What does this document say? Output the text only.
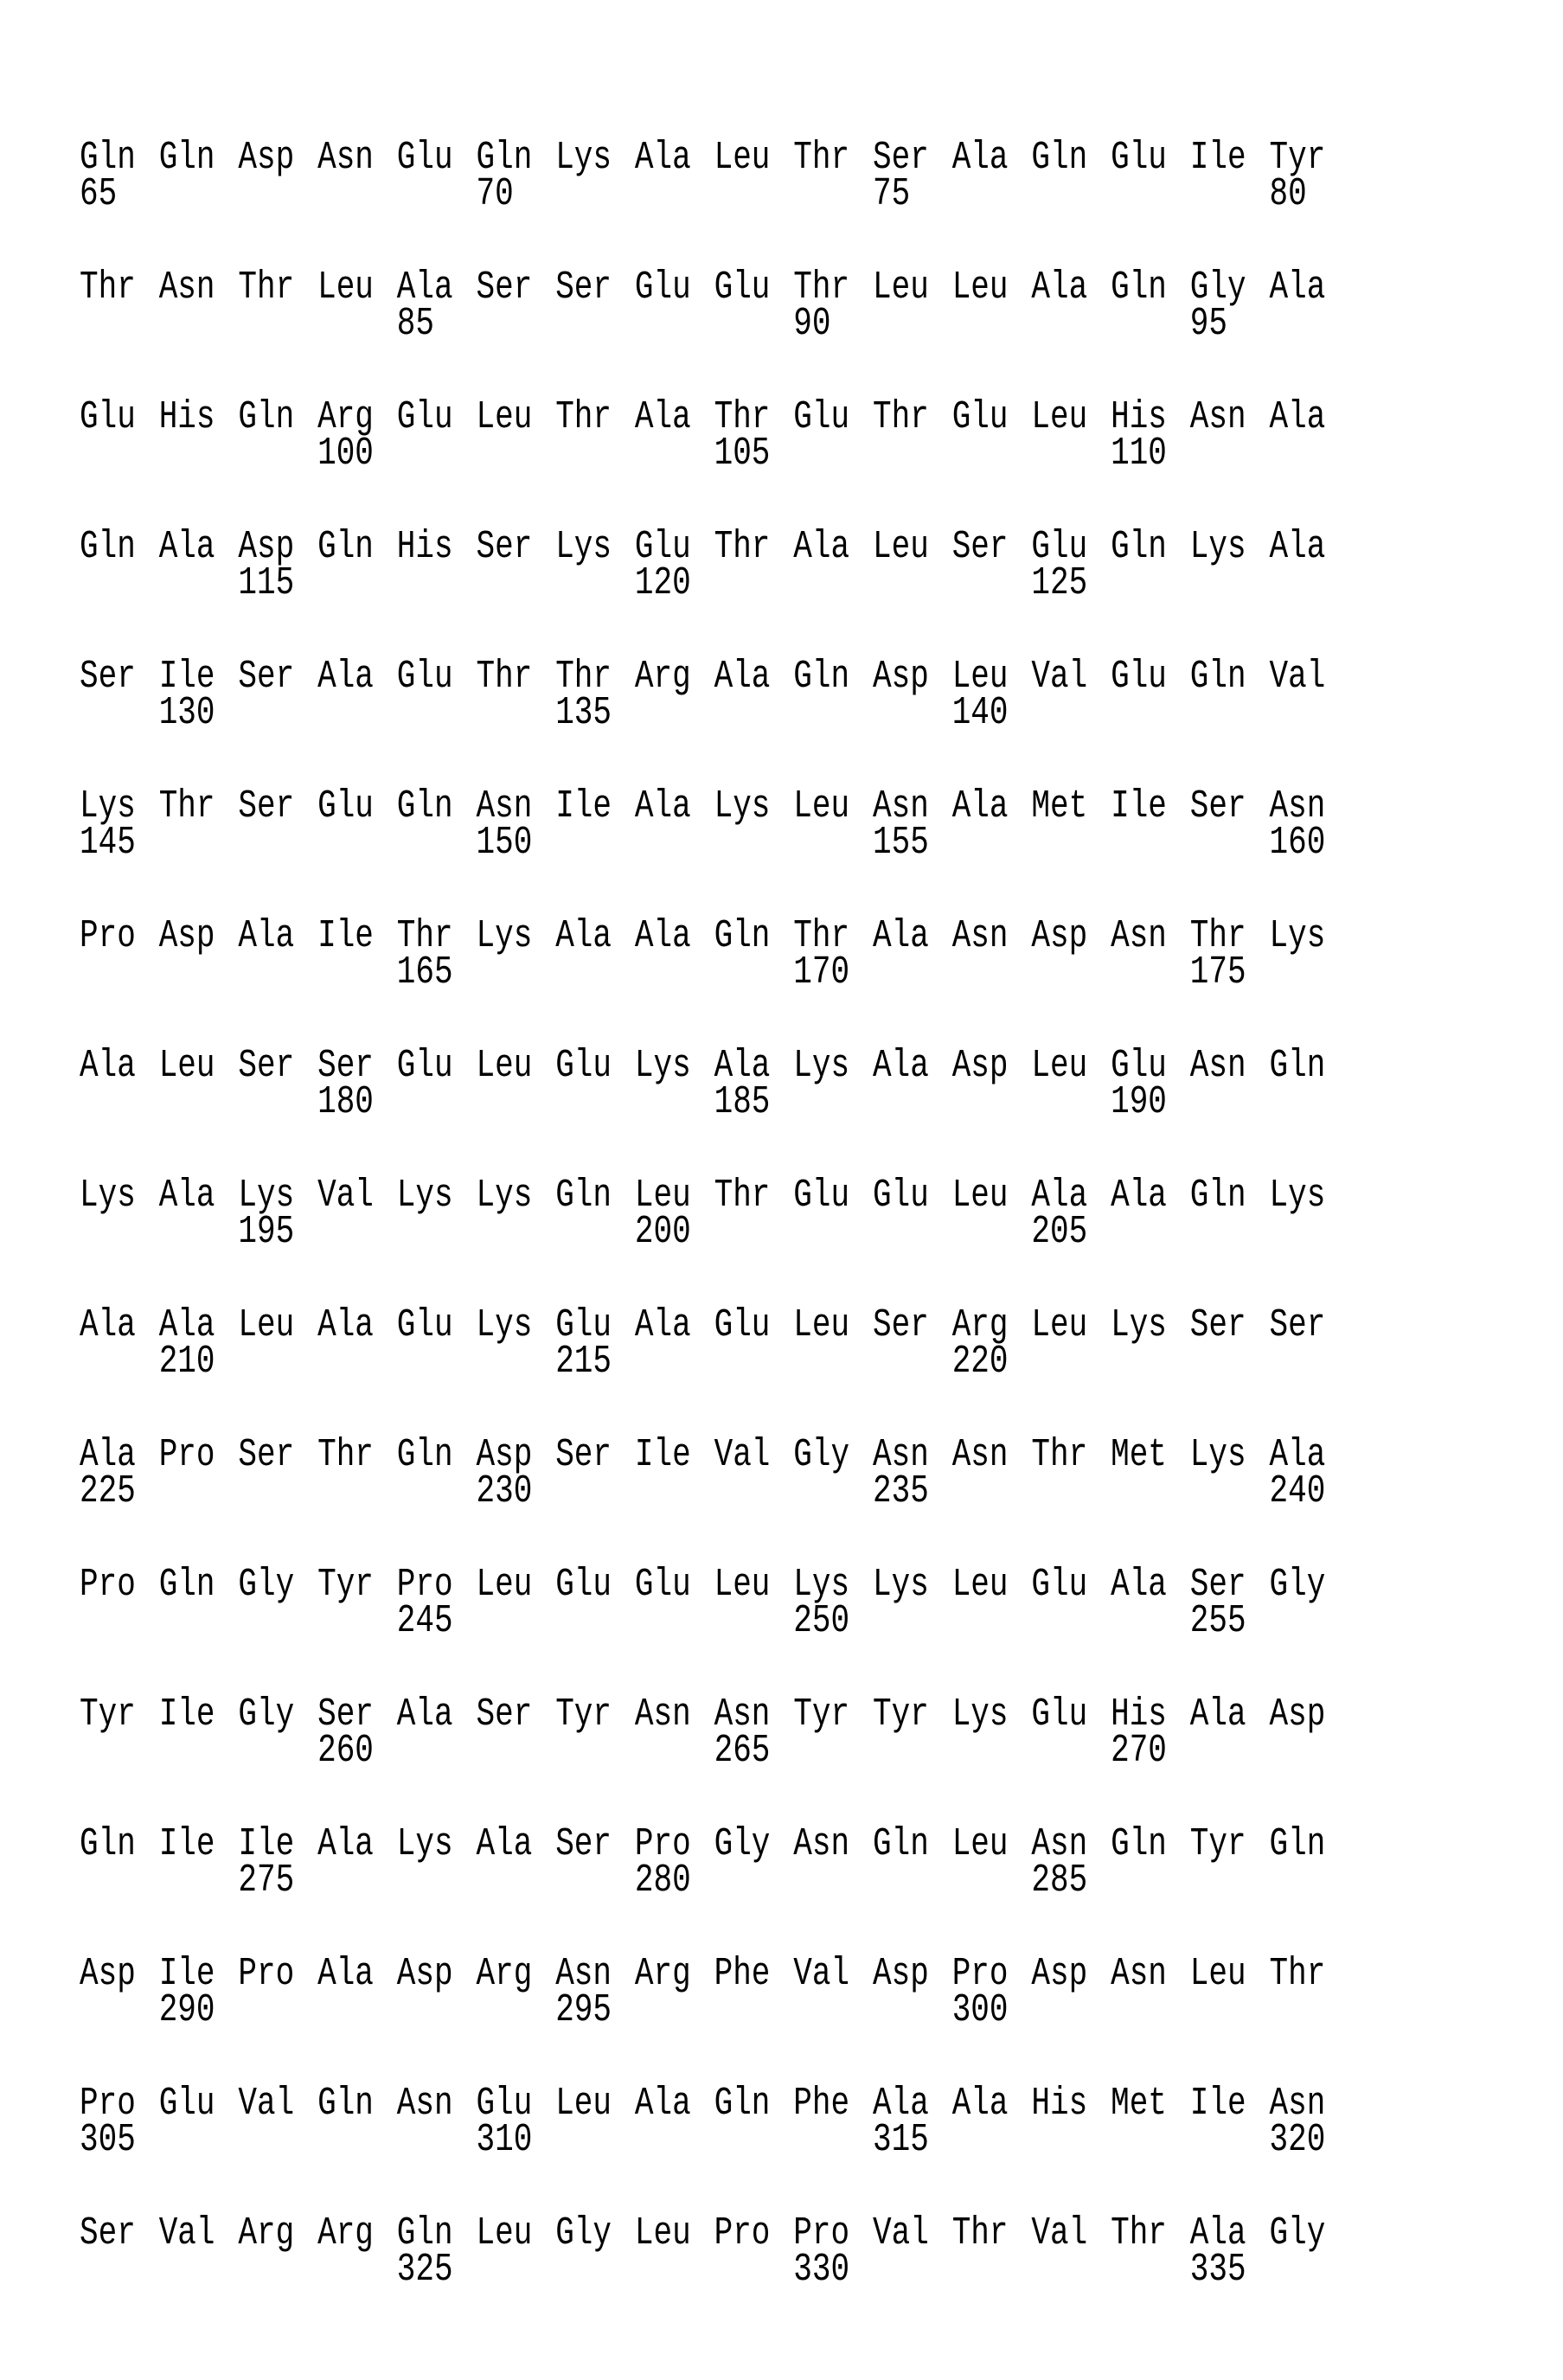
Gln Gln Asp Asn Glu Gln Lys Ala Leu Thr Ser Ala Gln Glu Ile Tyr
65	70	75	80
Thr Asn Thr Leu Ala Ser Ser Glu Glu Thr Leu Leu Ala Gln Gly Ala
85	90	95
Glu His Gln Arg Glu Leu Thr Ala Thr Glu Thr Glu Leu His Asn Ala
100	105	110
Gln Ala Asp Gln His Ser Lys Glu Thr Ala Leu Ser Glu Gln Lys Ala
115	120	125
Ser Ile Ser Ala Glu Thr Thr Arg Ala Gln Asp Leu Val Glu Gln Val
130	135	140
Lys Thr Ser Glu Gln Asn Ile Ala Lys Leu Asn Ala Met Ile Ser Asn
145	150	155	160
Pro Asp Ala Ile Thr Lys Ala Ala Gln Thr Ala Asn Asp Asn Thr Lys
165	170	175
Ala Leu Ser Ser Glu Leu Glu Lys Ala Lys Ala Asp Leu Glu Asn Gln
180	185	190
Lys Ala Lys Val Lys Lys Gln Leu Thr Glu Glu Leu Ala Ala Gln Lys
195	200	205
Ala Ala Leu Ala Glu Lys Glu Ala Glu Leu Ser Arg Leu Lys Ser Ser
210	215	220
Ala Pro Ser Thr Gln Asp Ser Ile Val Gly Asn Asn Thr Met Lys Ala
225	230	235	240
Pro Gln Gly Tyr Pro Leu Glu Glu Leu Lys Lys Leu Glu Ala Ser Gly
245	250	255
Tyr Ile Gly Ser Ala Ser Tyr Asn Asn Tyr Tyr Lys Glu His Ala Asp
260	265	270
Gln Ile Ile Ala Lys Ala Ser Pro Gly Asn Gln Leu Asn Gln Tyr Gln
275	280	285
Asp Ile Pro Ala Asp Arg Asn Arg Phe Val Asp Pro Asp Asn Leu Thr
290	295	300
Pro Glu Val Gln Asn Glu Leu Ala Gln Phe Ala Ala His Met Ile Asn
305	310	315	320
Ser Val Arg Arg Gln Leu Gly Leu Pro Pro Val Thr Val Thr Ala Gly
325	330	335
